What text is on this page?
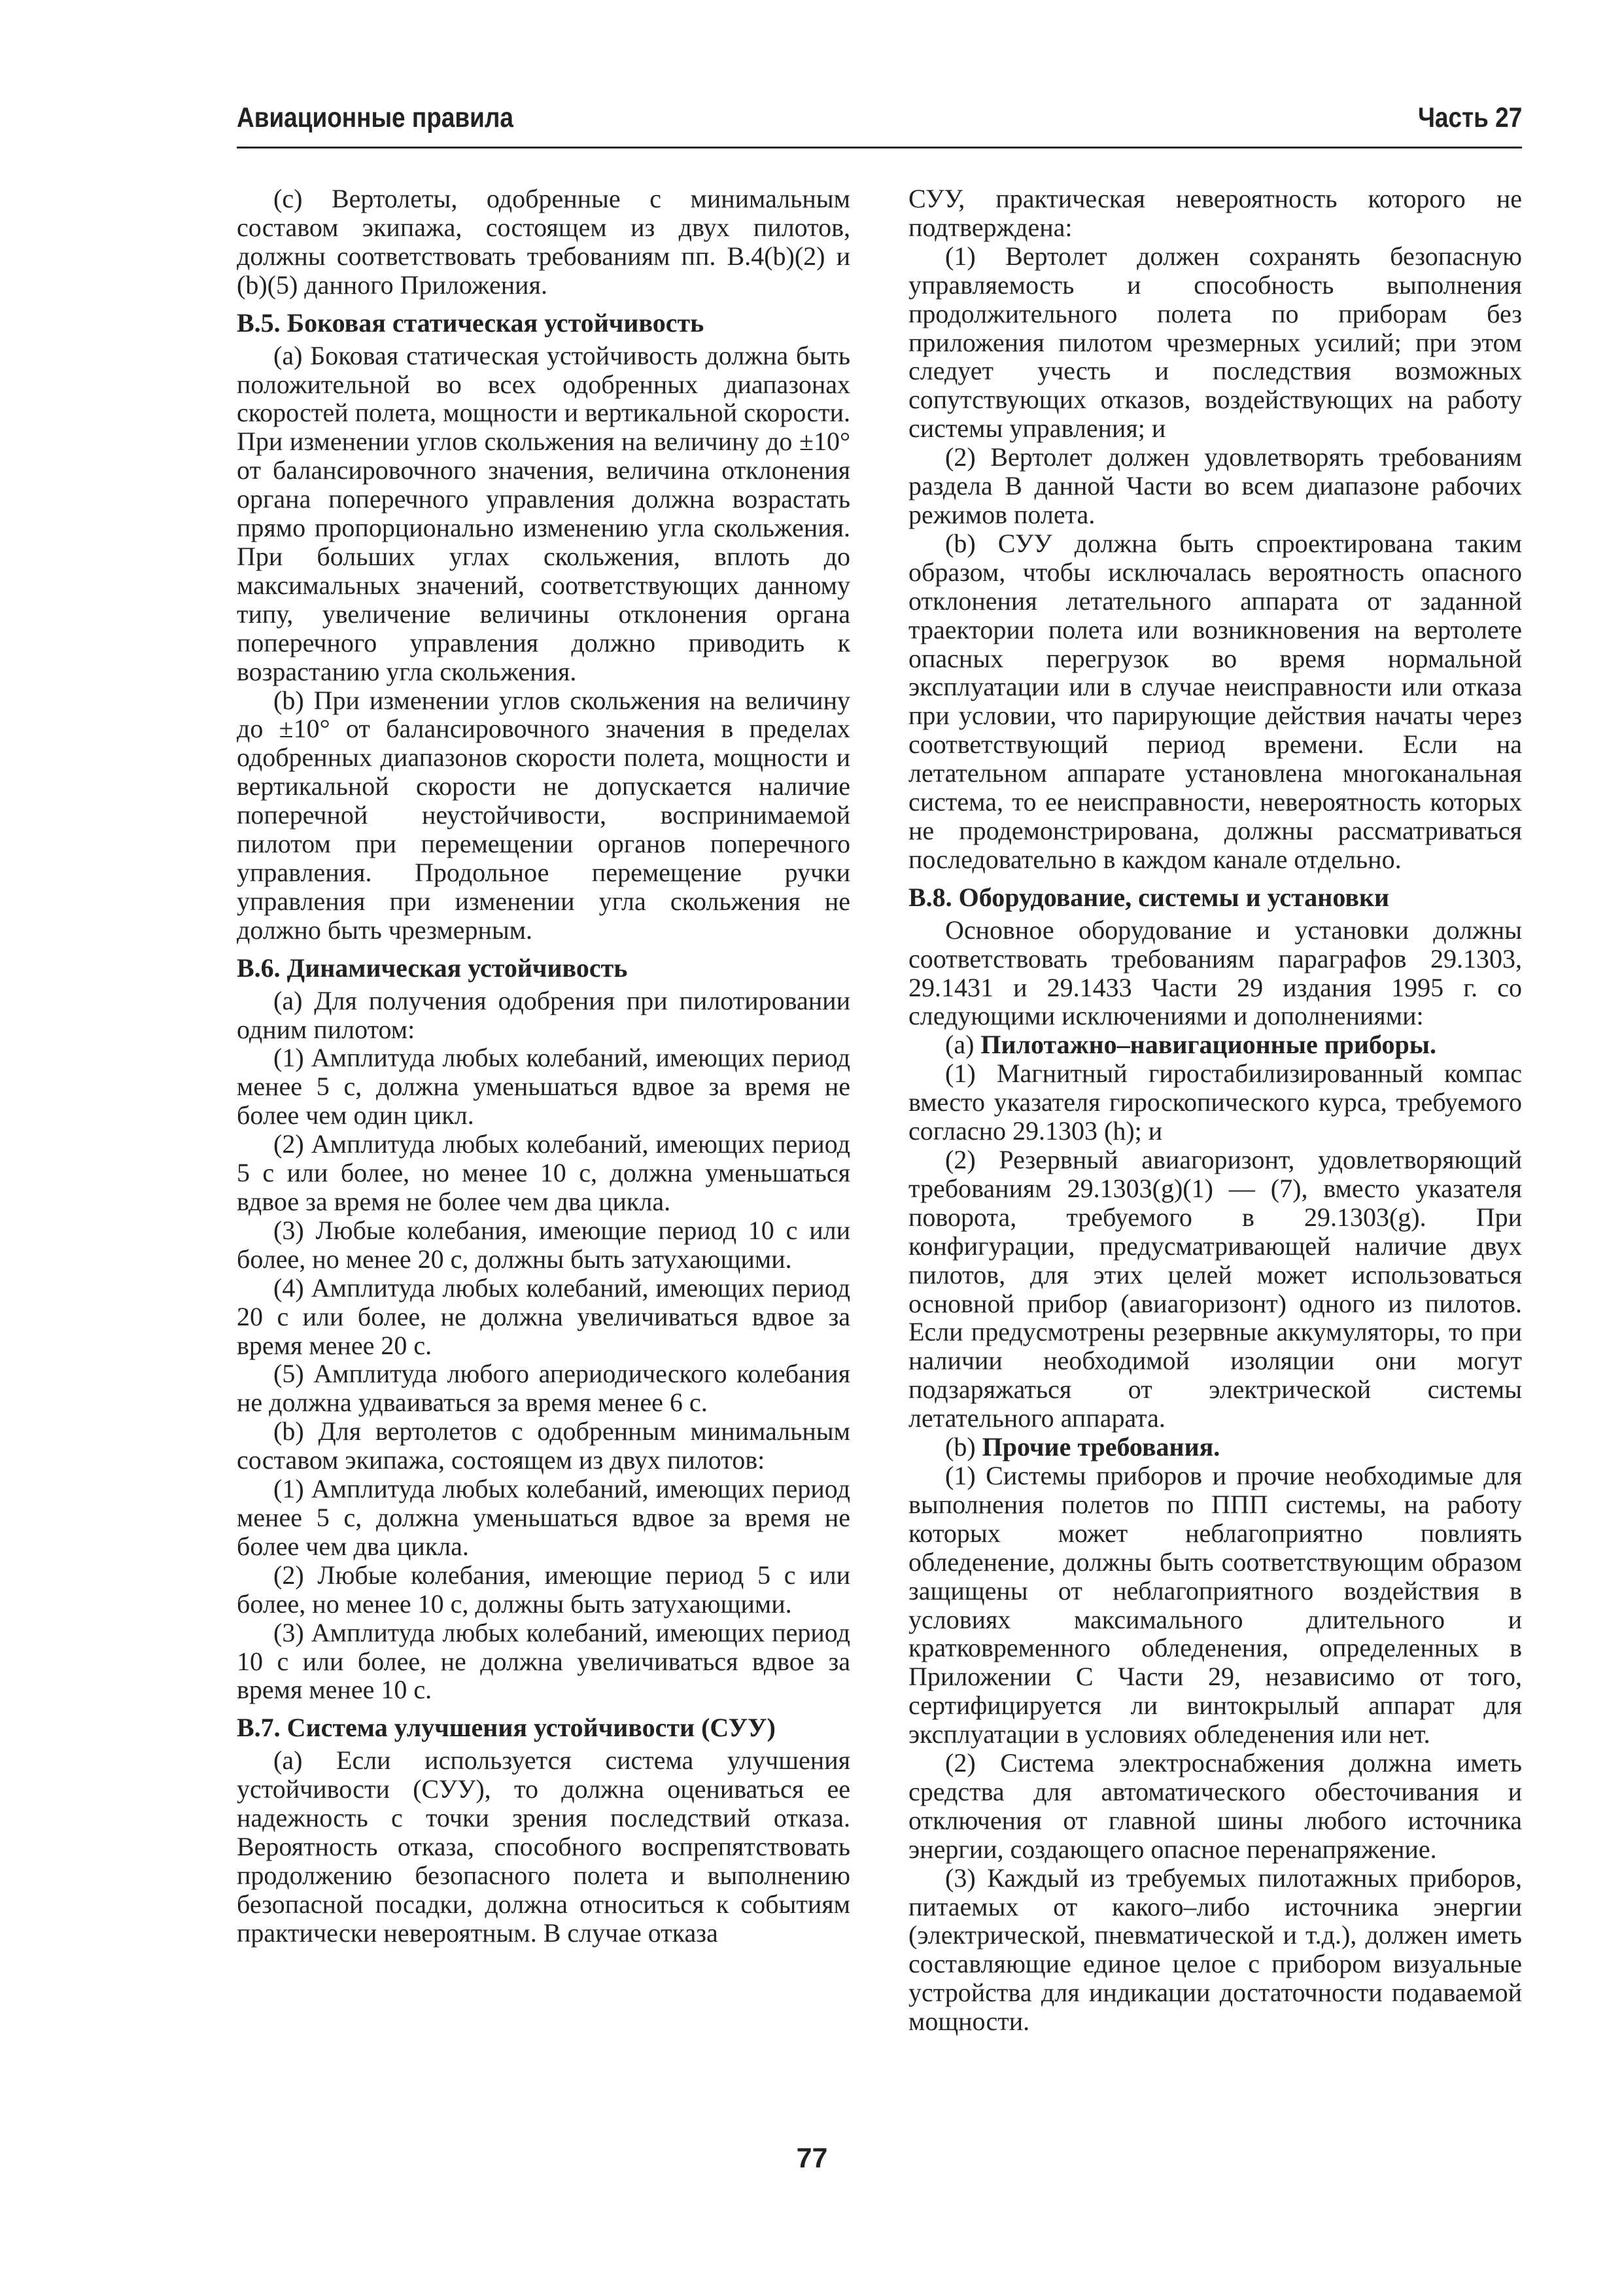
Авиационные правила	Часть 27

(c) Вертолеты, одобренные с минимальным составом экипажа, состоящем из двух пилотов, должны соответствовать требованиям пп. B.4(b)(2) и (b)(5) данного Приложения.

B.5. Боковая статическая устойчивость

(a) Боковая статическая устойчивость должна быть положительной во всех одобренных диапазонах скоростей полета, мощности и вертикальной скорости. При изменении углов скольжения на величину до ±10° от балансировочного значения, величина отклонения органа поперечного управления должна возрастать прямо пропорционально изменению угла скольжения. При больших углах скольжения, вплоть до максимальных значений, соответствующих данному типу, увеличение величины отклонения органа поперечного управления должно приводить к возрастанию угла скольжения.

(b) При изменении углов скольжения на величину до ±10° от балансировочного значения в пределах одобренных диапазонов скорости полета, мощности и вертикальной скорости не допускается наличие поперечной неустойчивости, воспринимаемой пилотом при перемещении органов поперечного управления. Продольное перемещение ручки управления при изменении угла скольжения не должно быть чрезмерным.

B.6. Динамическая устойчивость

(a) Для получения одобрения при пилотировании одним пилотом:

(1) Амплитуда любых колебаний, имеющих период менее 5 с, должна уменьшаться вдвое за время не более чем один цикл.

(2) Амплитуда любых колебаний, имеющих период 5 с или более, но менее 10 с, должна уменьшаться вдвое за время не более чем два цикла.

(3) Любые колебания, имеющие период 10 с или более, но менее 20 с, должны быть затухающими.

(4) Амплитуда любых колебаний, имеющих период 20 с или более, не должна увеличиваться вдвое за время менее 20 с.

(5) Амплитуда любого апериодического колебания не должна удваиваться за время менее 6 с.

(b) Для вертолетов с одобренным минимальным составом экипажа, состоящем из двух пилотов:

(1) Амплитуда любых колебаний, имеющих период менее 5 с, должна уменьшаться вдвое за время не более чем два цикла.

(2) Любые колебания, имеющие период 5 с или более, но менее 10 с, должны быть затухающими.

(3) Амплитуда любых колебаний, имеющих период 10 с или более, не должна увеличиваться вдвое за время менее 10 с.

B.7. Система улучшения устойчивости (СУУ)

(a) Если используется система улучшения устойчивости (СУУ), то должна оцениваться ее надежность с точки зрения последствий отказа. Вероятность отказа, способного воспрепятствовать продолжению безопасного полета и выполнению безопасной посадки, должна относиться к событиям практически невероятным. В случае отказа

СУУ, практическая невероятность которого не подтверждена:

(1) Вертолет должен сохранять безопасную управляемость и способность выполнения продолжительного полета по приборам без приложения пилотом чрезмерных усилий; при этом следует учесть и последствия возможных сопутствующих отказов, воздействующих на работу системы управления; и

(2) Вертолет должен удовлетворять требованиям раздела B данной Части во всем диапазоне рабочих режимов полета.

(b) СУУ должна быть спроектирована таким образом, чтобы исключалась вероятность опасного отклонения летательного аппарата от заданной траектории полета или возникновения на вертолете опасных перегрузок во время нормальной эксплуатации или в случае неисправности или отказа при условии, что парирующие действия начаты через соответствующий период времени. Если на летательном аппарате установлена многоканальная система, то ее неисправности, невероятность которых не продемонстрирована, должны рассматриваться последовательно в каждом канале отдельно.

B.8. Оборудование, системы и установки

Основное оборудование и установки должны соответствовать требованиям параграфов 29.1303, 29.1431 и 29.1433 Части 29 издания 1995 г. со следующими исключениями и дополнениями:

(a) Пилотажно–навигационные приборы.

(1) Магнитный гиростабилизированный компас вместо указателя гироскопического курса, требуемого согласно 29.1303 (h); и

(2) Резервный авиагоризонт, удовлетворяющий требованиям 29.1303(g)(1) — (7), вместо указателя поворота, требуемого в 29.1303(g). При конфигурации, предусматривающей наличие двух пилотов, для этих целей может использоваться основной прибор (авиагоризонт) одного из пилотов. Если предусмотрены резервные аккумуляторы, то при наличии необходимой изоляции они могут подзаряжаться от электрической системы летательного аппарата.

(b) Прочие требования.

(1) Системы приборов и прочие необходимые для выполнения полетов по ППП системы, на работу которых может неблагоприятно повлиять обледенение, должны быть соответствующим образом защищены от неблагоприятного воздействия в условиях максимального длительного и кратковременного обледенения, определенных в Приложении C Части 29, независимо от того, сертифицируется ли винтокрылый аппарат для эксплуатации в условиях обледенения или нет.

(2) Система электроснабжения должна иметь средства для автоматического обесточивания и отключения от главной шины любого источника энергии, создающего опасное перенапряжение.

(3) Каждый из требуемых пилотажных приборов, питаемых от какого–либо источника энергии (электрической, пневматической и т.д.), должен иметь составляющие единое целое с прибором визуальные устройства для индикации достаточности подаваемой мощности.

77
